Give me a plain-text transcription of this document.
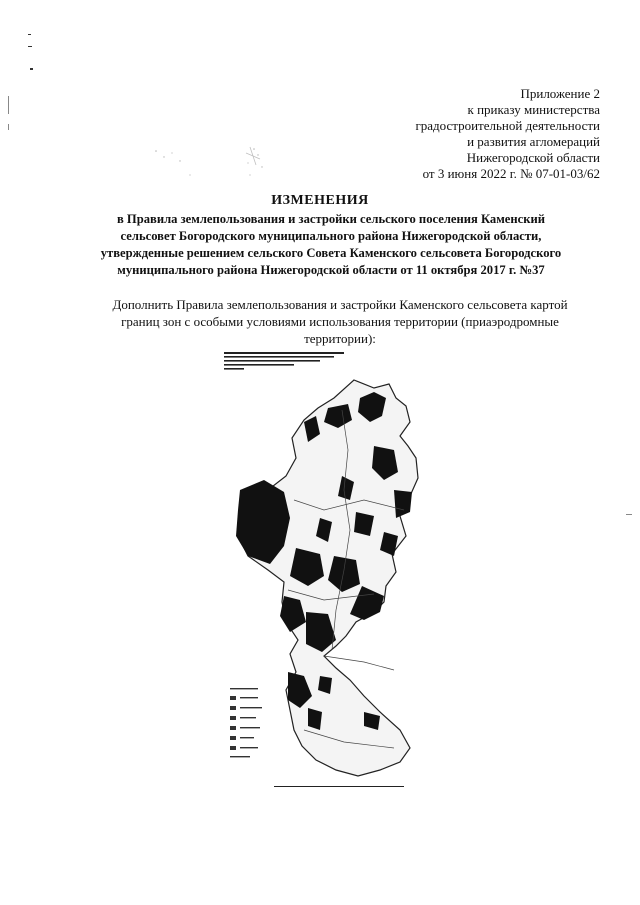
Приложение 2
к приказу министерства
градостроительной деятельности
и развития агломераций
Нижегородской области
от 3 июня 2022 г. № 07-01-03/62
ИЗМЕНЕНИЯ
в Правила землепользования и застройки сельского поселения Каменский
сельсовет Богородского муниципального района Нижегородской области,
утвержденные решением сельского Совета Каменского сельсовета Богородского
муниципального района Нижегородской области от 11 октября 2017 г. №37
Дополнить Правила землепользования и застройки Каменского сельсовета картой
границ зон с особыми условиями использования территории (приаэродромные
территории):
